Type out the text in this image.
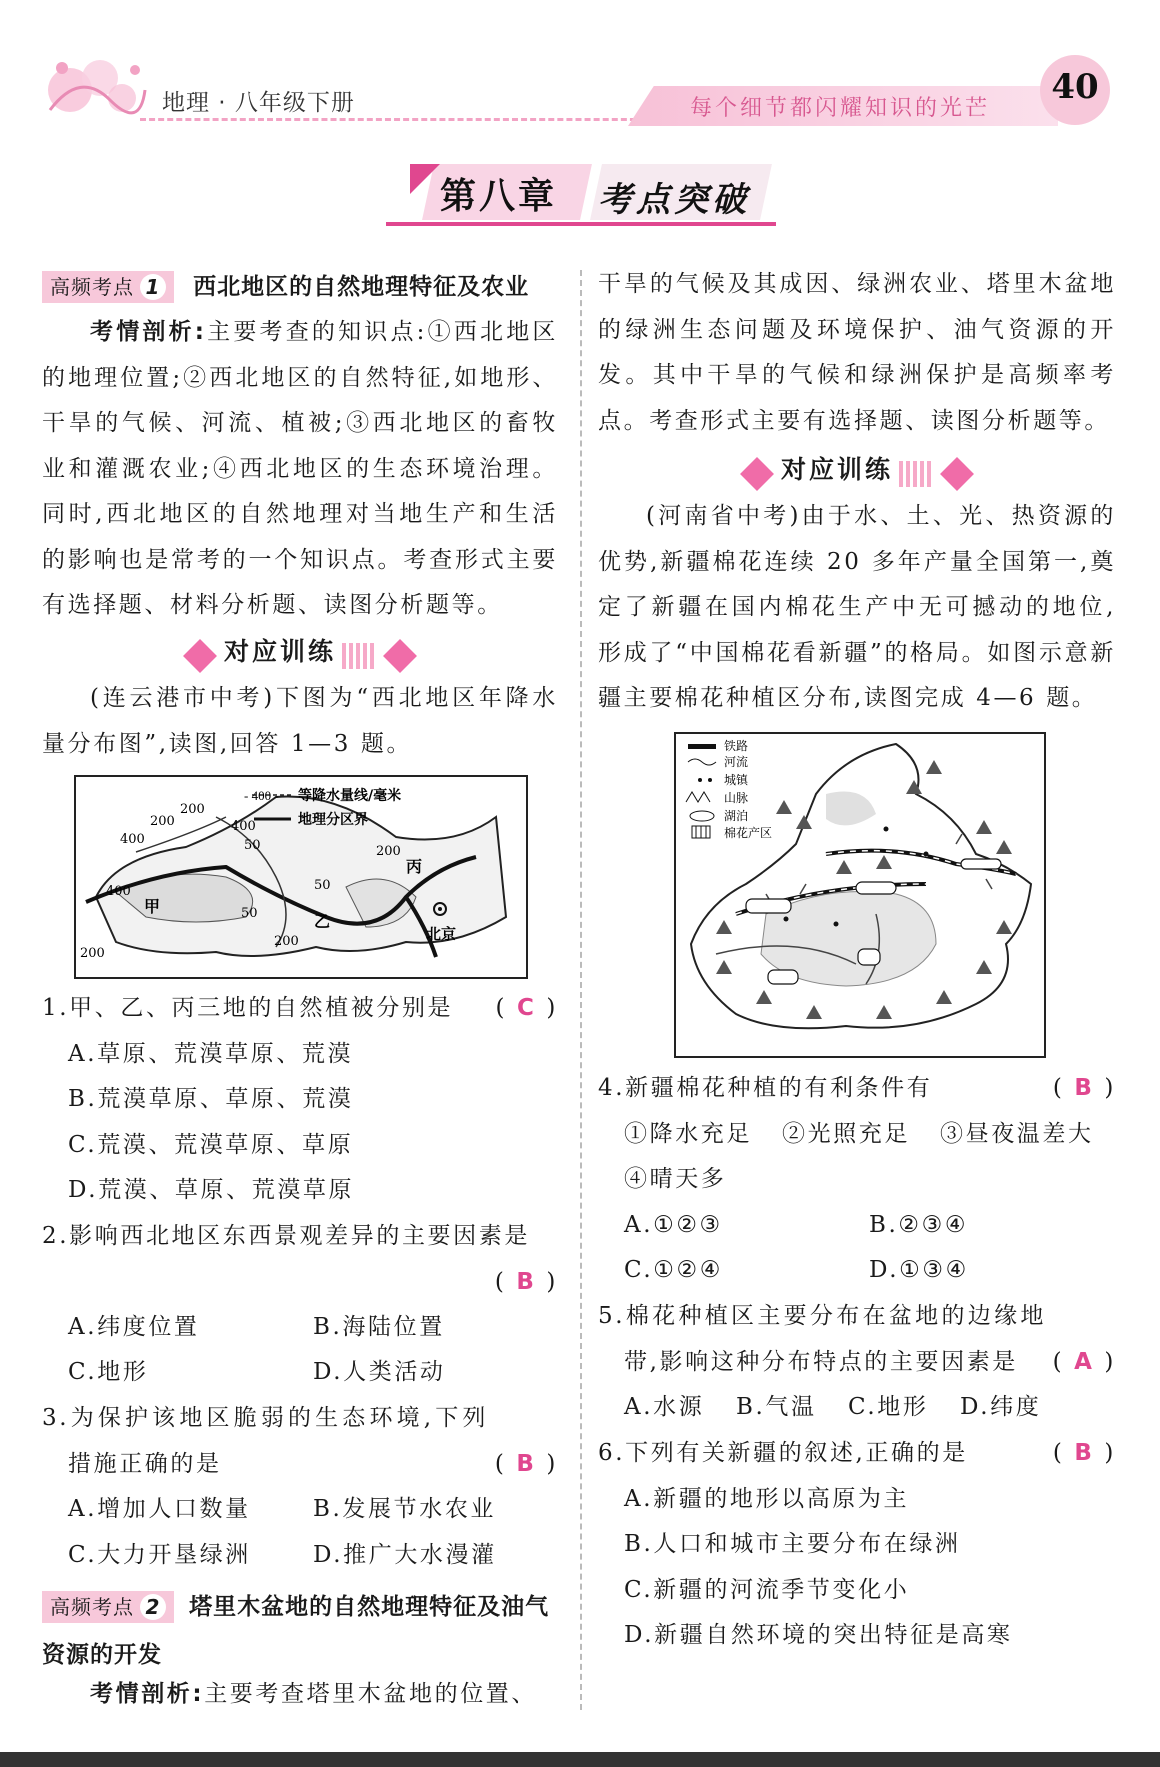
地理 · 八年级下册	每个细节都闪耀知识的光芒
40
第八章 考点突破
高频考点 1 西北地区的自然地理特征及农业
考情剖析:主要考查的知识点:①西北地区的地理位置;②西北地区的自然特征,如地形、干旱的气候、河流、植被;③西北地区的畜牧业和灌溉农业;④西北地区的生态环境治理。同时,西北地区的自然地理对当地生产和生活的影响也是常考的一个知识点。考查形式主要有选择题、材料分析题、读图分析题等。
对应训练
(连云港市中考)下图为“西北地区年降水量分布图”,读图,回答 1—3 题。
- 400 - 等降水量线/毫米
地理分区界
200
400
200
400
400
50
50
200
50
200
200
甲
乙
丙
北京
1.甲、乙、丙三地的自然植被分别是 ( C )
A.草原、荒漠草原、荒漠
B.荒漠草原、草原、荒漠
C.荒漠、荒漠草原、草原
D.荒漠、草原、荒漠草原
2.影响西北地区东西景观差异的主要因素是
( B )
A.纬度位置	B.海陆位置
C.地形	D.人类活动
3.为保护该地区脆弱的生态环境,下列措施正确的是	( B )
A.增加人口数量	B.发展节水农业
C.大力开垦绿洲	D.推广大水漫灌
高频考点 2 塔里木盆地的自然地理特征及油气资源的开发
考情剖析:主要考查塔里木盆地的位置、
干旱的气候及其成因、绿洲农业、塔里木盆地的绿洲生态问题及环境保护、油气资源的开发。其中干旱的气候和绿洲保护是高频率考点。考查形式主要有选择题、读图分析题等。
对应训练
(河南省中考)由于水、土、光、热资源的优势,新疆棉花连续 20 多年产量全国第一,奠定了新疆在国内棉花生产中无可撼动的地位,形成了“中国棉花看新疆”的格局。如图示意新疆主要棉花种植区分布,读图完成 4—6 题。
铁路
河流
城镇
山脉
湖泊
棉花产区
4.新疆棉花种植的有利条件有	( B )
①降水充足 ②光照充足 ③昼夜温差大
④晴天多
A.①②③	B.②③④
C.①②④	D.①③④
5.棉花种植区主要分布在盆地的边缘地带,影响这种分布特点的主要因素是 ( A )
A.水源 B.气温 C.地形 D.纬度
6.下列有关新疆的叙述,正确的是	( B )
A.新疆的地形以高原为主
B.人口和城市主要分布在绿洲
C.新疆的河流季节变化小
D.新疆自然环境的突出特征是高寒
